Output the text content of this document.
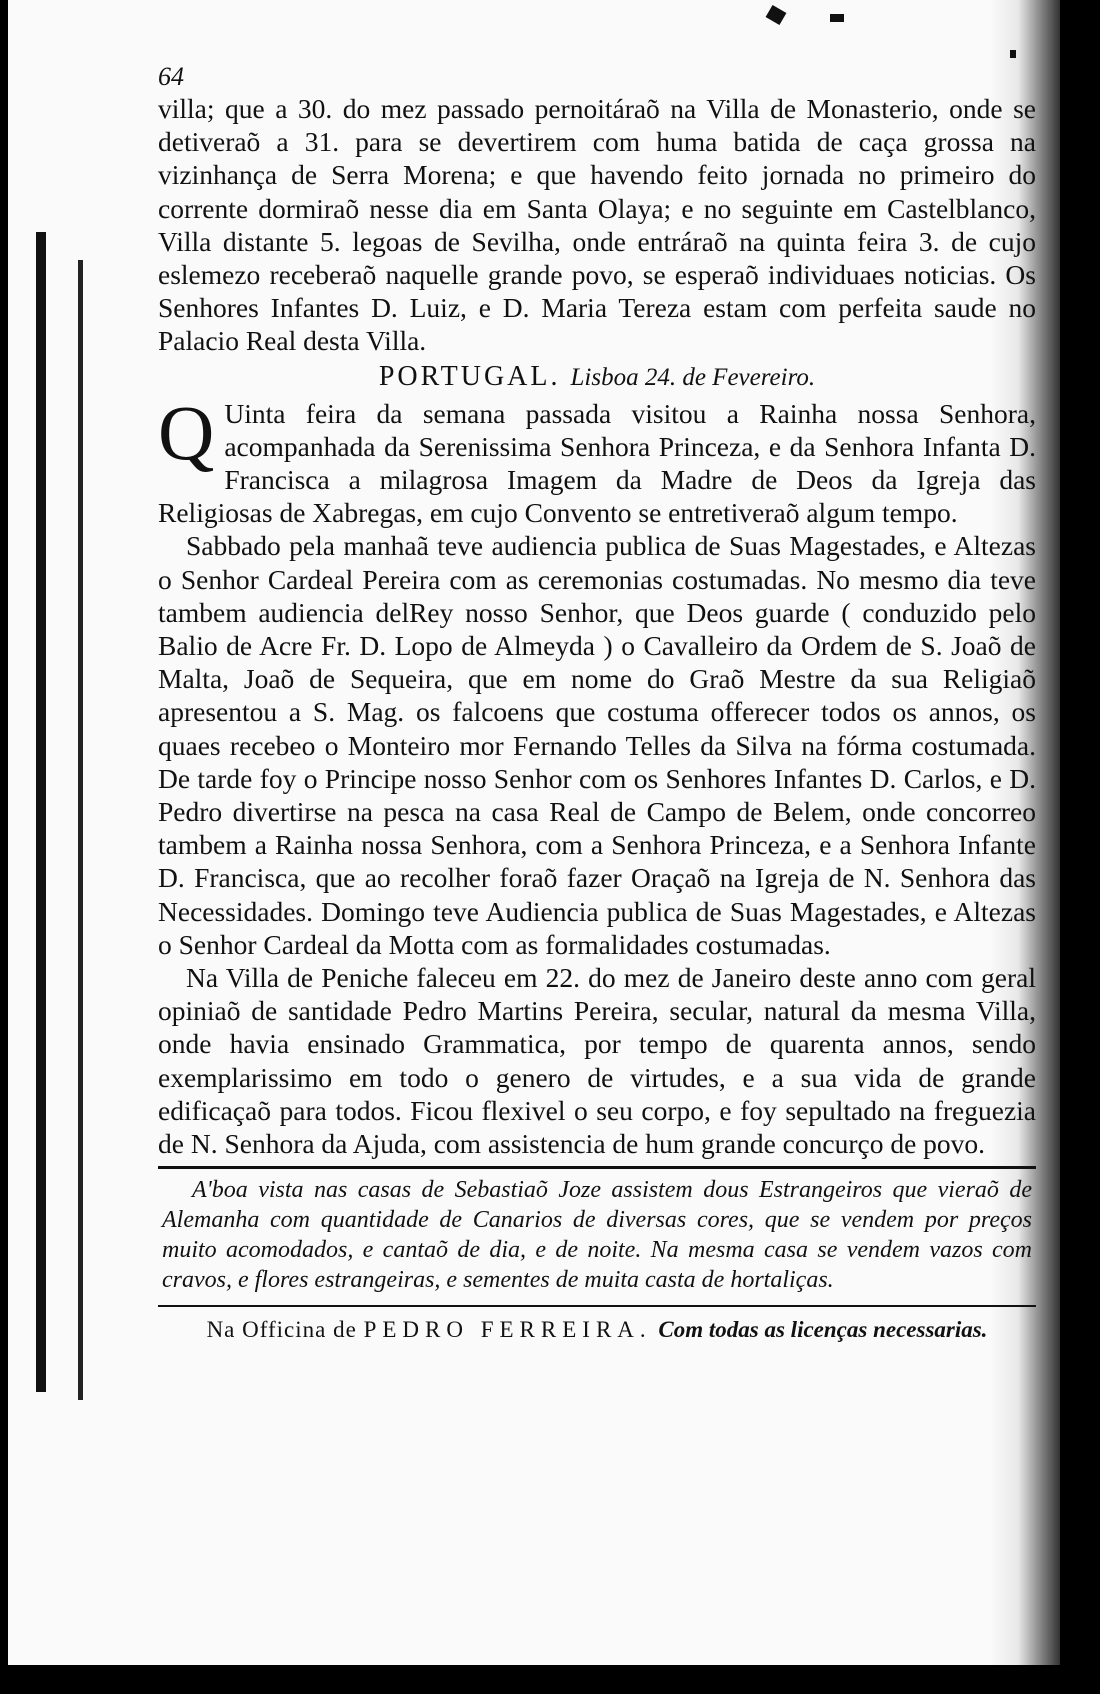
64

villa; que a 30. do mez passado pernoitáraõ na Villa de Monasterio, onde se detiveraõ a 31. para se devertirem com huma batida de caça grossa na vizinhança de Serra Morena; e que havendo feito jornada no primeiro do corrente dormiraõ nesse dia em Santa Olaya; e no seguinte em Castelblanco, Villa distante 5. legoas de Sevilha, onde entráraõ na quinta feira 3. de cujo eslemezo receberaõ naquelle grande povo, se esperaõ individuaes noticias. Os Senhores Infantes D. Luiz, e D. Maria Tereza estam com perfeita saude no Palacio Real desta Villa.

PORTUGAL. Lisboa 24. de Fevereiro.

Q Uinta feira da semana passada visitou a Rainha nossa Senhora, acompanhada da Serenissima Senhora Princeza, e da Senhora Infanta D. Francisca a milagrosa Imagem da Madre de Deos da Igreja das Religiosas de Xabregas, em cujo Convento se entretiveraõ algum tempo.

Sabbado pela manhaã teve audiencia publica de Suas Magestades, e Altezas o Senhor Cardeal Pereira com as ceremonias costumadas. No mesmo dia teve tambem audiencia delRey nosso Senhor, que Deos guarde ( conduzido pelo Balio de Acre Fr. D. Lopo de Almeyda ) o Cavalleiro da Ordem de S. Joaõ de Malta, Joaõ de Sequeira, que em nome do Graõ Mestre da sua Religiaõ apresentou a S. Mag. os falcoens que costuma offerecer todos os annos, os quaes recebeo o Monteiro mor Fernando Telles da Silva na fórma costumada. De tarde foy o Principe nosso Senhor com os Senhores Infantes D. Carlos, e D. Pedro divertirse na pesca na casa Real de Campo de Belem, onde concorreo tambem a Rainha nossa Senhora, com a Senhora Princeza, e a Senhora Infante D. Francisca, que ao recolher foraõ fazer Oraçaõ na Igreja de N. Senhora das Necessidades. Domingo teve Audiencia publica de Suas Magestades, e Altezas o Senhor Cardeal da Motta com as formalidades costumadas.

Na Villa de Peniche faleceu em 22. do mez de Janeiro deste anno com geral opiniaõ de santidade Pedro Martins Pereira, secular, natural da mesma Villa, onde havia ensinado Grammatica, por tempo de quarenta annos, sendo exemplarissimo em todo o genero de virtudes, e a sua vida de grande edificaçaõ para todos. Ficou flexivel o seu corpo, e foy sepultado na freguezia de N. Senhora da Ajuda, com assistencia de hum grande concurço de povo.

A'boa vista nas casas de Sebastiaõ Joze assistem dous Estrangeiros que vieraõ de Alemanha com quantidade de Canarios de diversas cores, que se vendem por preços muito acomodados, e cantaõ de dia, e de noite. Na mesma casa se vendem vazos com cravos, e flores estrangeiras, e sementes de muita casta de hortaliças.

Na Officina de PEDRO FERREIRA. Com todas as licenças necessarias.
